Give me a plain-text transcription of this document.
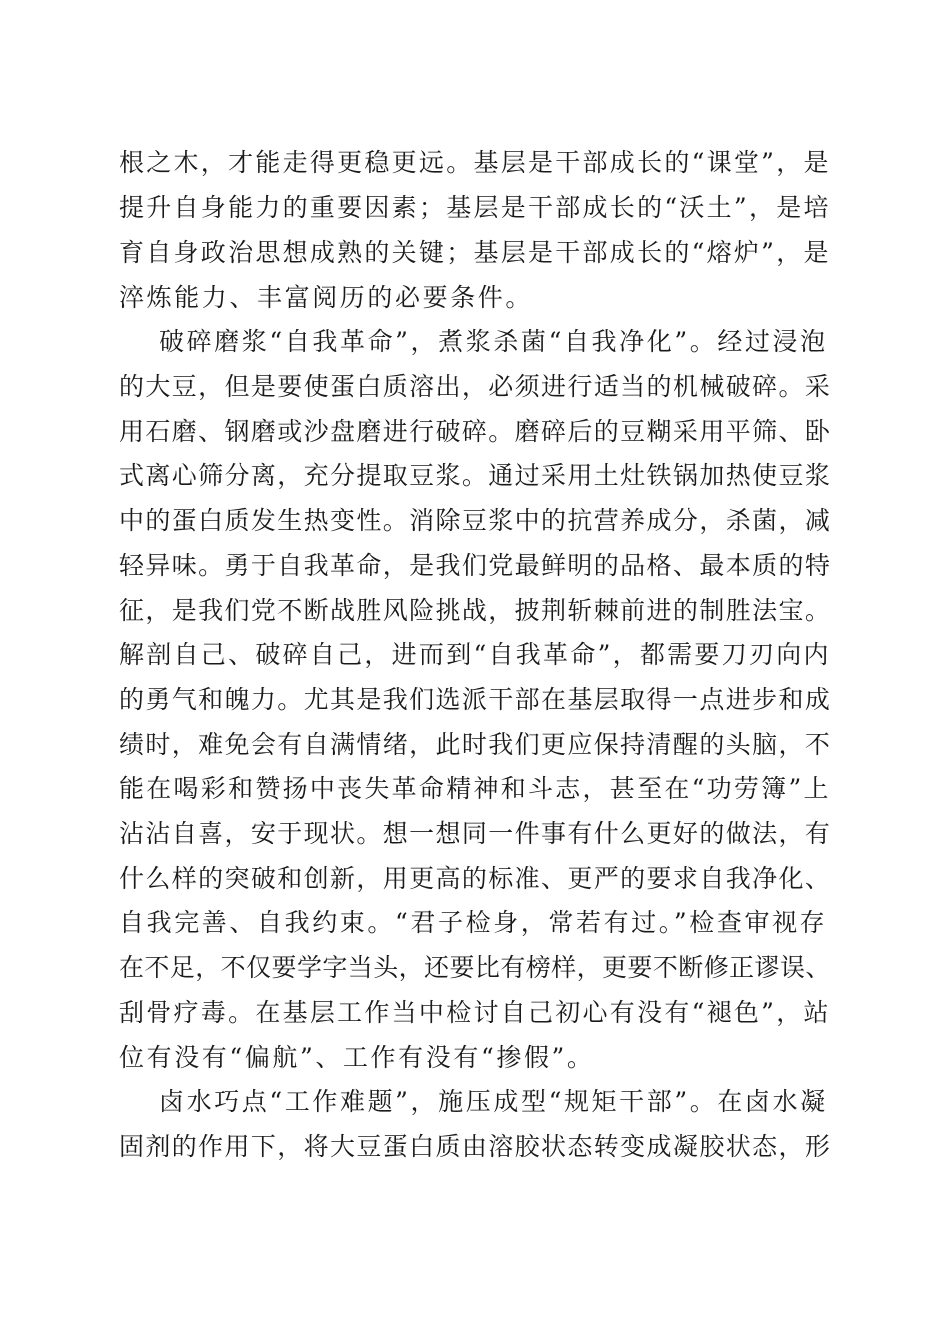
根之木，才能走得更稳更远。基层是干部成长的“课堂”，是
提升自身能力的重要因素；基层是干部成长的“沃土”，是培
育自身政治思想成熟的关键；基层是干部成长的“熔炉”，是
淬炼能力、丰富阅历的必要条件。
破碎磨浆“自我革命”，煮浆杀菌“自我净化”。经过浸泡
的大豆，但是要使蛋白质溶出，必须进行适当的机械破碎。采
用石磨、钢磨或沙盘磨进行破碎。磨碎后的豆糊采用平筛、卧
式离心筛分离，充分提取豆浆。通过采用土灶铁锅加热使豆浆
中的蛋白质发生热变性。消除豆浆中的抗营养成分，杀菌，减
轻异味。勇于自我革命，是我们党最鲜明的品格、最本质的特
征，是我们党不断战胜风险挑战，披荆斩棘前进的制胜法宝。
解剖自己、破碎自己，进而到“自我革命”，都需要刀刃向内
的勇气和魄力。尤其是我们选派干部在基层取得一点进步和成
绩时，难免会有自满情绪，此时我们更应保持清醒的头脑，不
能在喝彩和赞扬中丧失革命精神和斗志，甚至在“功劳簿”上
沾沾自喜，安于现状。想一想同一件事有什么更好的做法，有
什么样的突破和创新，用更高的标准、更严的要求自我净化、
自我完善、自我约束。“君子检身，常若有过。”检查审视存
在不足，不仅要学字当头，还要比有榜样，更要不断修正谬误、
刮骨疗毒。在基层工作当中检讨自己初心有没有“褪色”，站
位有没有“偏航”、工作有没有“掺假”。
卤水巧点“工作难题”，施压成型“规矩干部”。在卤水凝
固剂的作用下，将大豆蛋白质由溶胶状态转变成凝胶状态，形
